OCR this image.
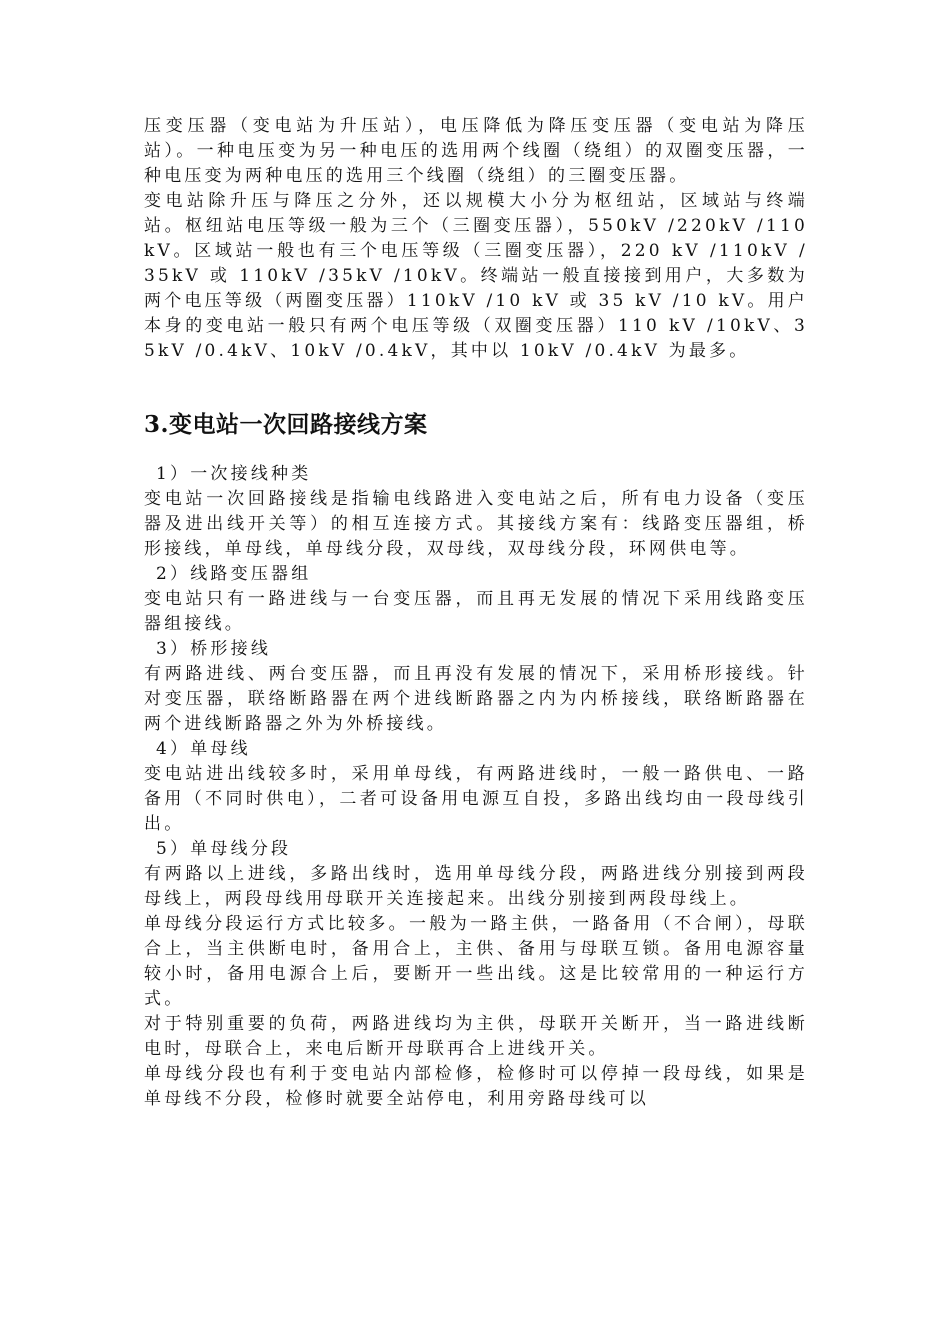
压变压器（变电站为升压站），电压降低为降压变压器（变电站为降压站）。一种电压变为另一种电压的选用两个线圈（绕组）的双圈变压器，一种电压变为两种电压的选用三个线圈（绕组）的三圈变压器。

变电站除升压与降压之分外，还以规模大小分为枢纽站，区域站与终端站。枢纽站电压等级一般为三个（三圈变压器），550kV /220kV /110kV。区域站一般也有三个电压等级（三圈变压器），220 kV /110kV /35kV 或 110kV /35kV /10kV。终端站一般直接接到用户，大多数为两个电压等级（两圈变压器）110kV /10 kV 或 35 kV /10 kV。用户本身的变电站一般只有两个电压等级（双圈变压器）110 kV /10kV、35kV /0.4kV、10kV /0.4kV，其中以 10kV /0.4kV 为最多。

3.变电站一次回路接线方案

1）一次接线种类

变电站一次回路接线是指输电线路进入变电站之后，所有电力设备（变压器及进出线开关等）的相互连接方式。其接线方案有：线路变压器组，桥形接线，单母线，单母线分段，双母线，双母线分段，环网供电等。

2）线路变压器组

变电站只有一路进线与一台变压器，而且再无发展的情况下采用线路变压器组接线。

3）桥形接线

有两路进线、两台变压器，而且再没有发展的情况下，采用桥形接线。针对变压器，联络断路器在两个进线断路器之内为内桥接线，联络断路器在两个进线断路器之外为外桥接线。

4）单母线

变电站进出线较多时，采用单母线，有两路进线时，一般一路供电、一路备用（不同时供电），二者可设备用电源互自投，多路出线均由一段母线引出。

5）单母线分段

有两路以上进线，多路出线时，选用单母线分段，两路进线分别接到两段母线上，两段母线用母联开关连接起来。出线分别接到两段母线上。

单母线分段运行方式比较多。一般为一路主供，一路备用（不合闸），母联合上，当主供断电时，备用合上，主供、备用与母联互锁。备用电源容量较小时，备用电源合上后，要断开一些出线。这是比较常用的一种运行方式。

对于特别重要的负荷，两路进线均为主供，母联开关断开，当一路进线断电时，母联合上，来电后断开母联再合上进线开关。

单母线分段也有利于变电站内部检修，检修时可以停掉一段母线，如果是单母线不分段，检修时就要全站停电，利用旁路母线可以
